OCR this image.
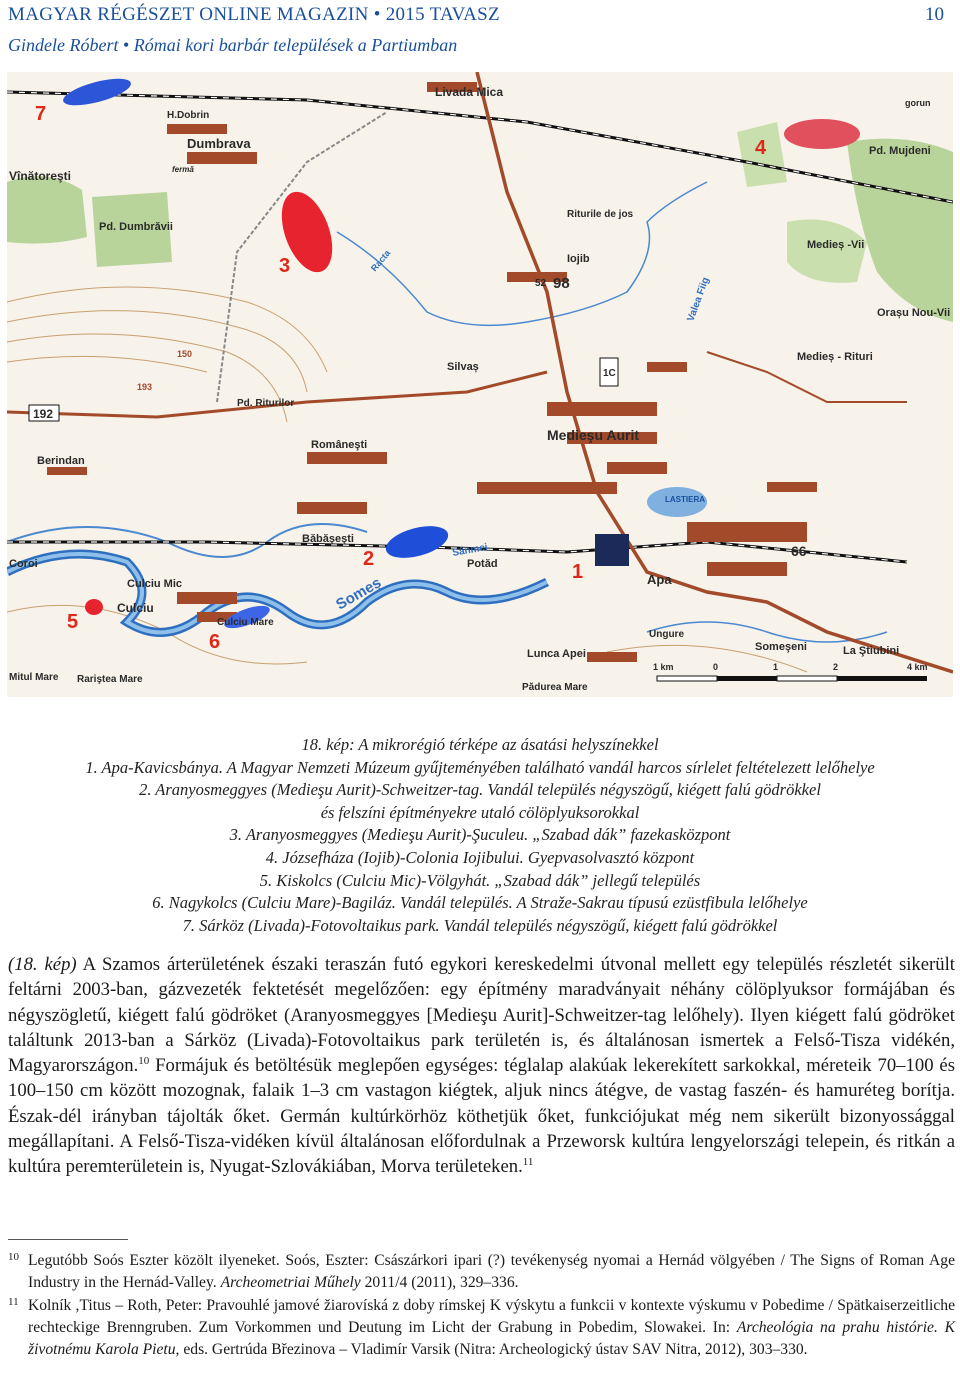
MAGYAR RÉGÉSZET ONLINE MAGAZIN • 2015 TAVASZ	10
Gindele Róbert • Római kori barbár települések a Partiumban
7
3
4
2
1
5
6
H.Dobrin
Livada Mica
Dumbrava
Vînătoreşti
Pd. Dumbrăvii
Pd. Mujdeni
Medieș -Vii
Riturile de jos
Iojib
Orașu Nou-Vii
Silvaș
Medieș - Rituri
Pd. Riturilor
Româneşti
Medieşu Aurit
Berindan
Băbăşeşti
Potăd
Apa
Coroi
Culciu Mic
Culciu
Culciu Mare
Lunca Apei
Ungure
Someşeni	La Ştiubini
Mitul Mare Rariştea Mare
Pădurea Mare
Someș
Sânmei
Valea Fiig
Racta
LASTIERA
gorun
fermă
192
193
150
52 98
66
1C
1 km	0	1	2	4 km
18. kép: A mikrorégió térképe az ásatási helyszínekkel
1. Apa-Kavicsbánya. A Magyar Nemzeti Múzeum gyűjteményében található vandál harcos sírlelet feltételezett lelőhelye
2. Aranyosmeggyes (Medieşu Aurit)-Schweitzer-tag. Vandál település négyszögű, kiégett falú gödrökkel
és felszíni építményekre utaló cölöplyuksorokkal
3. Aranyosmeggyes (Medieşu Aurit)-Şuculeu. „Szabad dák” fazekasközpont
4. Józsefháza (Iojib)-Colonia Iojibului. Gyepvasolvasztó központ
5. Kiskolcs (Culciu Mic)-Völgyhát. „Szabad dák” jellegű település
6. Nagykolcs (Culciu Mare)-Bagiláz. Vandál település. A Straže-Sakrau típusú ezüstfibula lelőhelye
7. Sárköz (Livada)-Fotovoltaikus park. Vandál település négyszögű, kiégett falú gödrökkel
(18. kép) A Szamos árterületének északi teraszán futó egykori kereskedelmi útvonal mellett egy település részletét sikerült feltárni 2003-ban, gázvezeték fektetését megelőzően: egy építmény maradványait néhány cölöplyuksor formájában és négyszögletű, kiégett falú gödröket (Aranyosmeggyes [Medieşu Aurit]-Schweitzer-tag lelőhely). Ilyen kiégett falú gödröket találtunk 2013-ban a Sárköz (Livada)-Fotovoltaikus park területén is, és általánosan ismertek a Felső-Tisza vidékén, Magyarországon.$^{10}$ Formájuk és betöltésük meglepően egységes: téglalap alakúak lekerekített sarkokkal, méreteik 70–100 és 100–150 cm között mozognak, falaik 1–3 cm vastagon kiégtek, aljuk nincs átégve, de vastag faszén- és hamuréteg borítja. Észak-dél irányban tájolták őket. Germán kultúrkörhöz köthetjük őket, funkciójukat még nem sikerült bizonyossággal megállapítani. A Felső-Tisza-vidéken kívül általánosan előfordulnak a Przeworsk kultúra lengyelországi telepein, és ritkán a kultúra peremterületein is, Nyugat-Szlovákiában, Morva területeken.$^{11}$
10 Legutóbb Soós Eszter közölt ilyeneket. Soós, Eszter: Császárkori ipari (?) tevékenység nyomai a Hernád völgyében / The Signs of Roman Age Industry in the Hernád-Valley. Archeometriai Műhely 2011/4 (2011), 329–336.
11 Kolník ,Titus – Roth, Peter: Pravouhlé jamové žiarovíská z doby rímskej K výskytu a funkcii v kontexte výskumu v Pobedime / Spätkaiserzeitliche rechteckige Brenngruben. Zum Vorkommen und Deutung im Licht der Grabung in Pobedim, Slowakei. In: Archeológia na prahu histórie. K životnému Karola Pietu, eds. Gertrúda Březinova – Vladimír Varsik (Nitra: Archeologický ústav SAV Nitra, 2012), 303–330.
